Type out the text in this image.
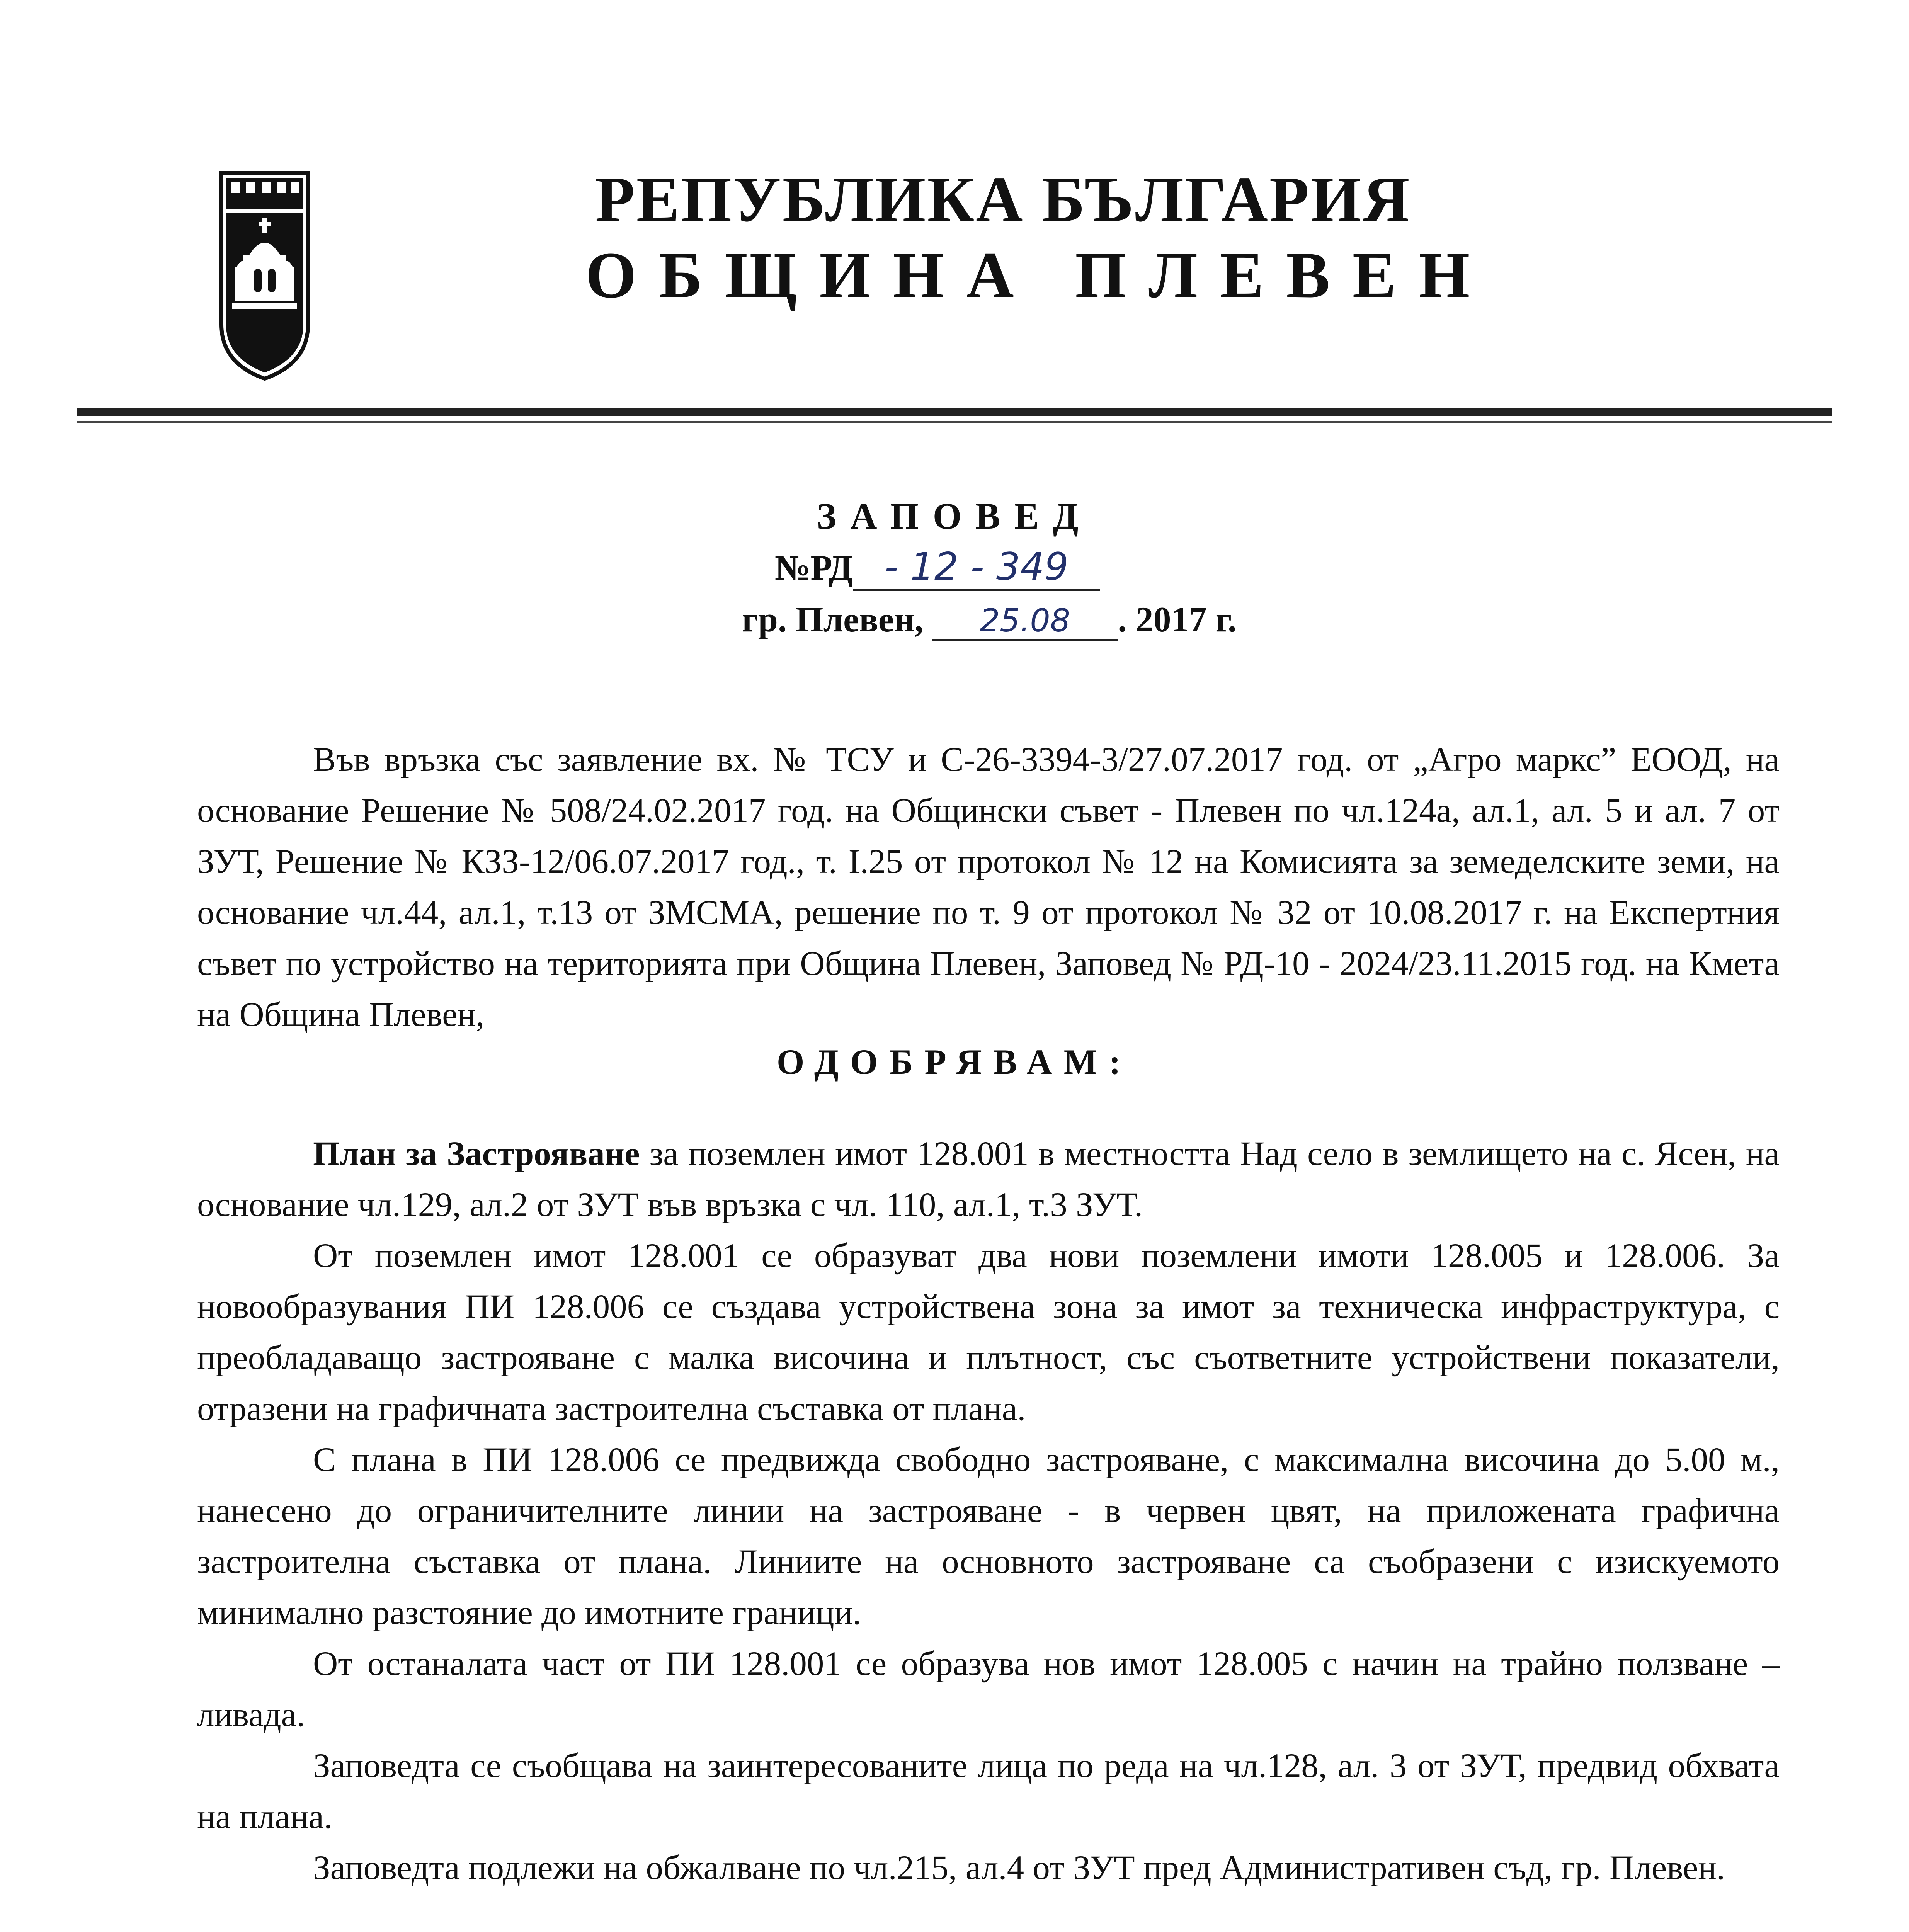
РЕПУБЛИКА БЪЛГАРИЯ
ОБЩИНА ПЛЕВЕН
ЗАПОВЕД
№РД - 12 - 349
гр. Плевен, 25.08 . 2017 г.
Във връзка със заявление вх. № ТСУ и С-26-3394-3/27.07.2017 год. от „Агро маркс” ЕООД, на основание Решение № 508/24.02.2017 год. на Общински съвет - Плевен по чл.124а, ал.1, ал. 5 и ал. 7 от ЗУТ, Решение № КЗЗ-12/06.07.2017 год., т. І.25 от протокол № 12 на Комисията за земеделските земи, на основание чл.44, ал.1, т.13 от ЗМСМА, решение по т. 9 от протокол № 32 от 10.08.2017 г. на Експертния съвет по устройство на територията при Община Плевен, Заповед № РД-10 - 2024/23.11.2015 год. на Кмета на Община Плевен,
ОДОБРЯВАМ:

План за Застрояване за поземлен имот 128.001 в местността Над село в землището на с. Ясен, на основание чл.129, ал.2 от ЗУТ във връзка с чл. 110, ал.1, т.3 ЗУТ.

От поземлен имот 128.001 се образуват два нови поземлени имоти 128.005 и 128.006. За новообразувания ПИ 128.006 се създава устройствена зона за имот за техническа инфраструктура, с преобладаващо застрояване с малка височина и плътност, със съответните устройствени показатели, отразени на графичната застроителна съставка от плана.

С плана в ПИ 128.006 се предвижда свободно застрояване, с максимална височина до 5.00 м., нанесено до ограничителните линии на застрояване - в червен цвят, на приложената графична застроителна съставка от плана. Линиите на основното застрояване са съобразени с изискуемото минимално разстояние до имотните граници.

От останалата част от ПИ 128.001 се образува нов имот 128.005 с начин на трайно ползване – ливада.

Заповедта се съобщава на заинтересованите лица по реда на чл.128, ал. 3 от ЗУТ, предвид обхвата на плана.

Заповедта подлежи на обжалване по чл.215, ал.4 от ЗУТ пред Административен съд, гр. Плевен.
